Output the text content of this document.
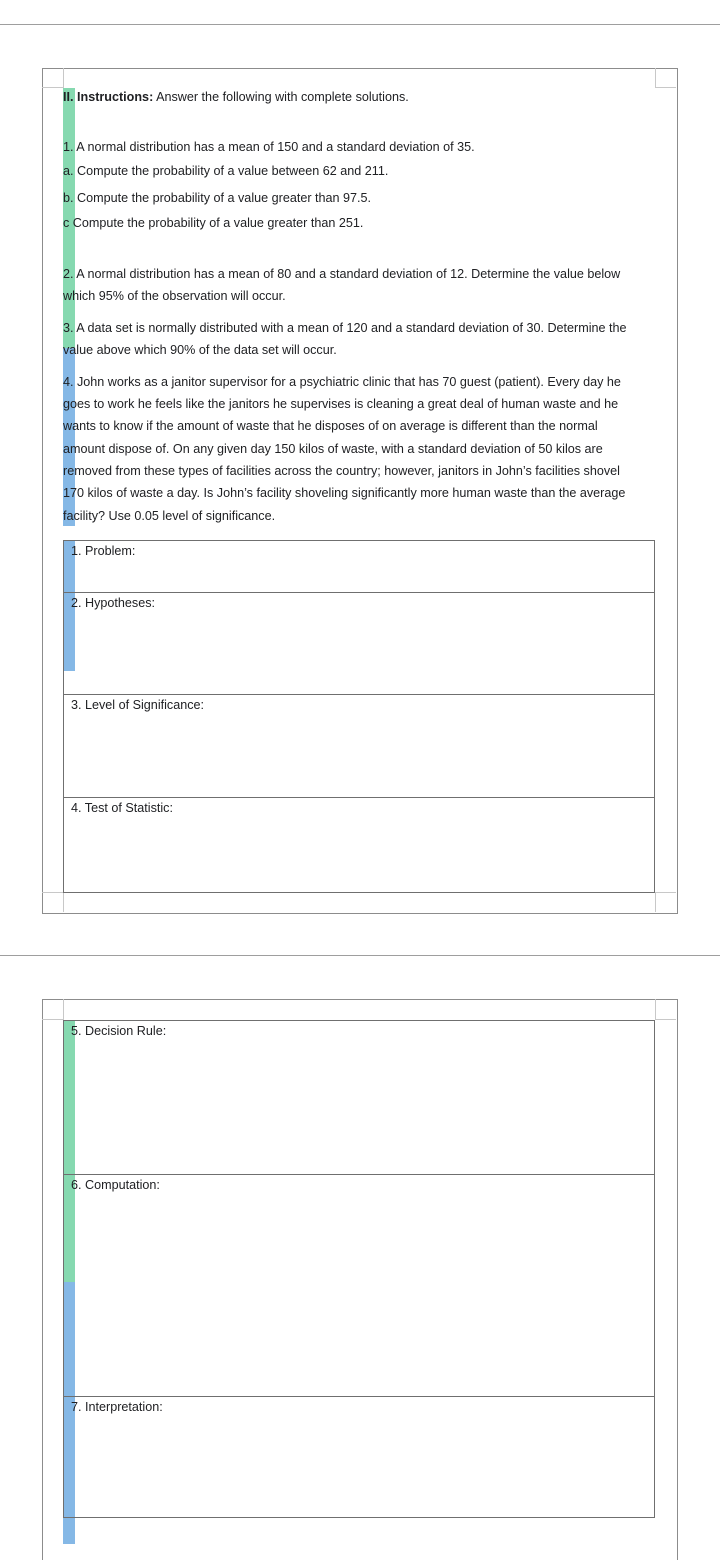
II. Instructions: Answer the following with complete solutions.
1. A normal distribution has a mean of 150 and a standard deviation of 35.
a. Compute the probability of a value between 62 and 211.
b. Compute the probability of a value greater than 97.5.
c Compute the probability of a value greater than 251.
2. A normal distribution has a mean of 80 and a standard deviation of 12. Determine the value below
which 95% of the observation will occur.
3. A data set is normally distributed with a mean of 120 and a standard deviation of 30. Determine the
value above which 90% of the data set will occur.
4. John works as a janitor supervisor for a psychiatric clinic that has 70 guest (patient). Every day he
goes to work he feels like the janitors he supervises is cleaning a great deal of human waste and he
wants to know if the amount of waste that he disposes of on average is different than the normal
amount dispose of. On any given day 150 kilos of waste, with a standard deviation of 50 kilos are
removed from these types of facilities across the country; however, janitors in John’s facilities shovel
170 kilos of waste a day. Is John’s facility shoveling significantly more human waste than the average
facility? Use 0.05 level of significance.
1. Problem:
2. Hypotheses:
3. Level of Significance:
4. Test of Statistic:
5. Decision Rule:
6. Computation:
7. Interpretation:
